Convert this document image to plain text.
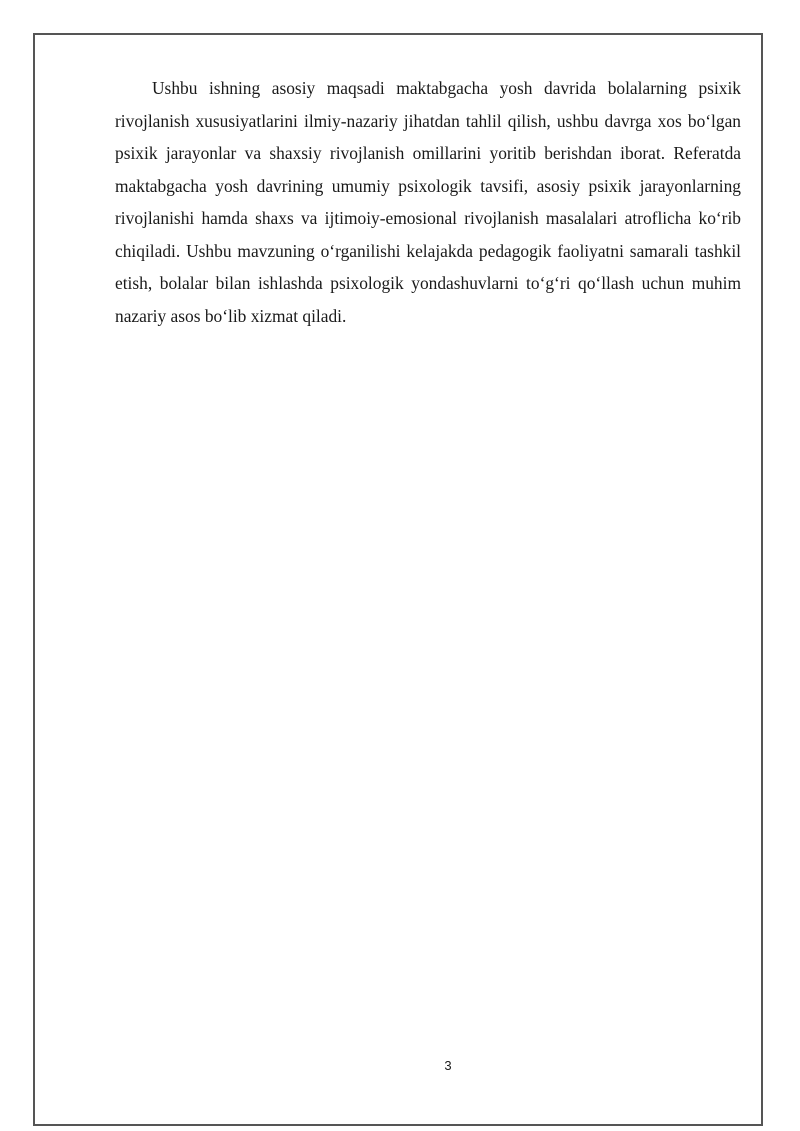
Ushbu ishning asosiy maqsadi maktabgacha yosh davrida bolalarning psixik rivojlanish xususiyatlarini ilmiy-nazariy jihatdan tahlil qilish, ushbu davrga xos bo‘lgan psixik jarayonlar va shaxsiy rivojlanish omillarini yoritib berishdan iborat. Referatda maktabgacha yosh davrining umumiy psixologik tavsifi, asosiy psixik jarayonlarning rivojlanishi hamda shaxs va ijtimoiy-emosional rivojlanish masalalari atroflicha ko‘rib chiqiladi. Ushbu mavzuning o‘rganilishi kelajakda pedagogik faoliyatni samarali tashkil etish, bolalar bilan ishlashda psixologik yondashuvlarni to‘g‘ri qo‘llash uchun muhim nazariy asos bo‘lib xizmat qiladi.

3
